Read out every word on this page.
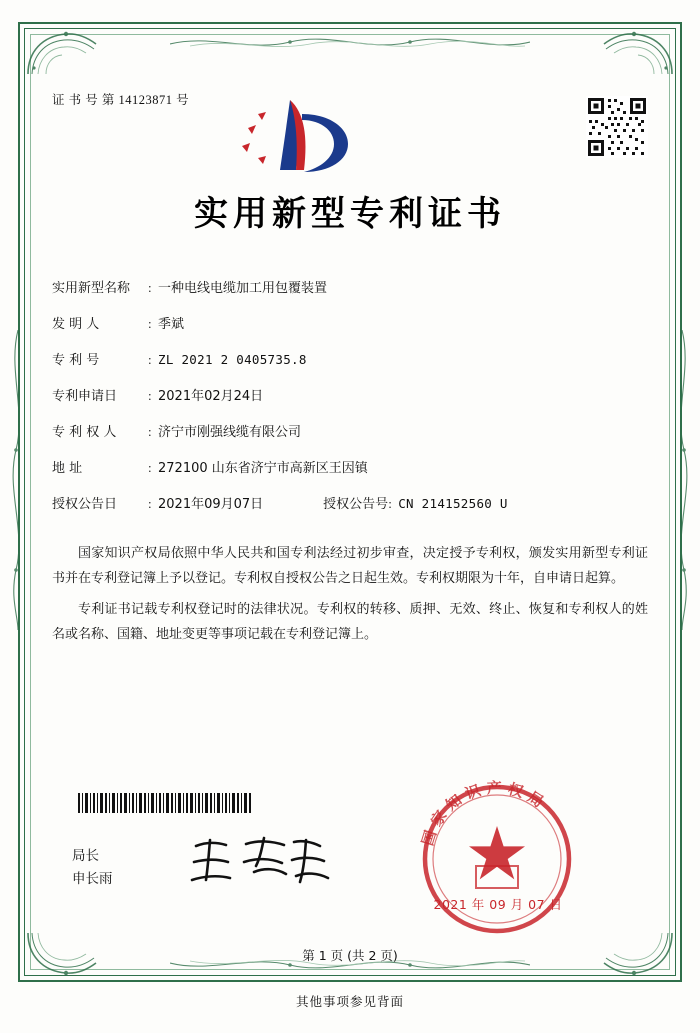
证 书 号 第 14123871 号
实用新型专利证书
实用新型名称	: 一种电线电缆加工用包覆装置
发 明 人	: 季斌
专 利 号	: ZL 2021 2 0405735.8
专利申请日	: 2021年02月24日
专 利 权 人	: 济宁市刚强线缆有限公司
地 址	: 272100 山东省济宁市高新区王因镇
授权公告日	: 2021年09月07日	授权公告号 : CN 214152560 U

国家知识产权局依照中华人民共和国专利法经过初步审查，决定授予专利权，颁发实用新型专利证书并在专利登记簿上予以登记。专利权自授权公告之日起生效。专利权期限为十年，自申请日起算。

专利证书记载专利权登记时的法律状况。专利权的转移、质押、无效、终止、恢复和专利权人的姓名或名称、国籍、地址变更等事项记载在专利登记簿上。

局长
申长雨
国 家 知 识 产 权 局
2021 年 09 月 07 日
第 1 页 (共 2 页)
其他事项参见背面
